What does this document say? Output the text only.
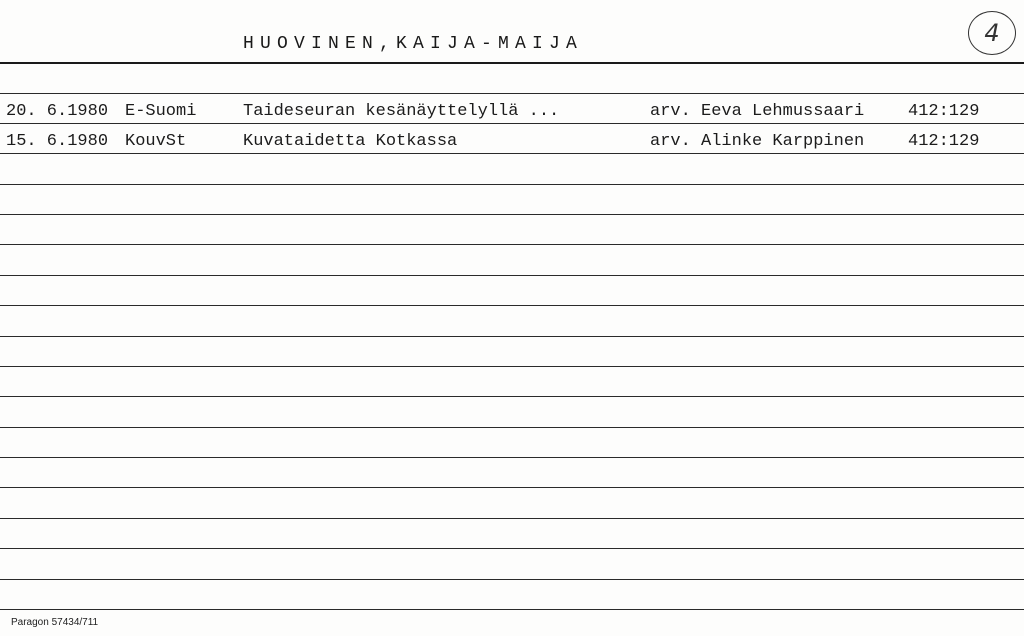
HUOVINEN,KAIJA-MAIJA	4
20. 6.1980 E-Suomi	Taideseuran kesänäyttelyllä ...	arv. Eeva Lehmussaari	412:129
15. 6.1980 KouvSt	Kuvataidetta Kotkassa	arv. Alinke Karppinen	412:129
Paragon 57434/711
